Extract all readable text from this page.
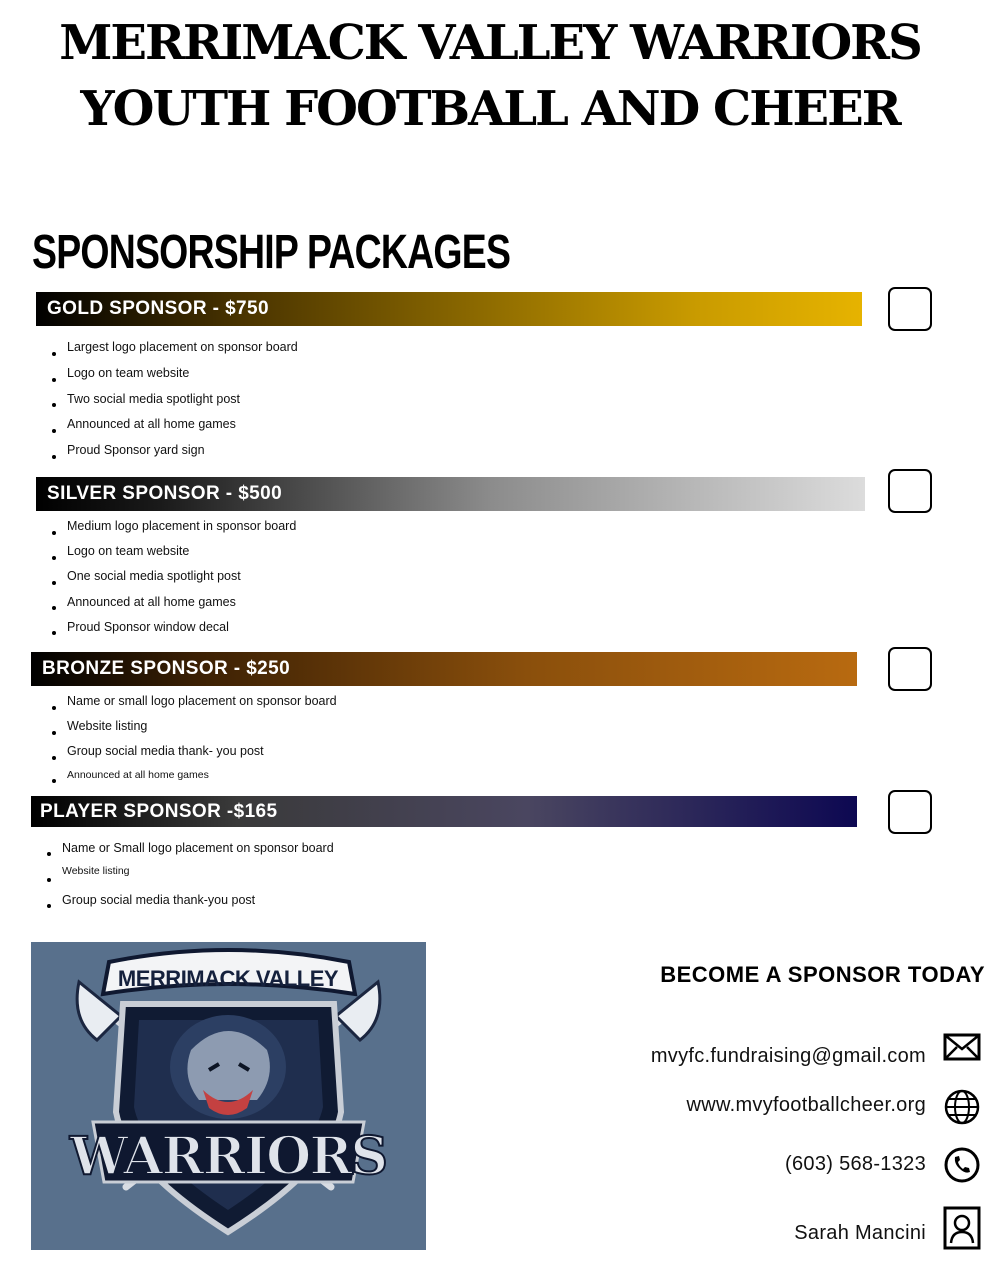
MERRIMACK VALLEY WARRIORS
YOUTH FOOTBALL AND CHEER
SPONSORSHIP PACKAGES
GOLD SPONSOR - $750
Largest logo placement on sponsor board
Logo on team website
Two social media spotlight post
Announced at all home games
Proud Sponsor yard sign
SILVER SPONSOR - $500
Medium logo placement in sponsor board
Logo on team website
One social media spotlight post
Announced at all home games
Proud Sponsor window decal
BRONZE SPONSOR - $250
Name or small logo placement on sponsor board
Website listing
Group social media thank- you post
Announced at all home games
PLAYER SPONSOR -$165
Name or Small logo placement on sponsor board
Website listing
Group social media thank-you post
MERRIMACK VALLEY
WARRIORS
BECOME A SPONSOR TODAY
mvyfc.fundraising@gmail.com
www.mvyfootballcheer.org
(603) 568-1323
Sarah Mancini
